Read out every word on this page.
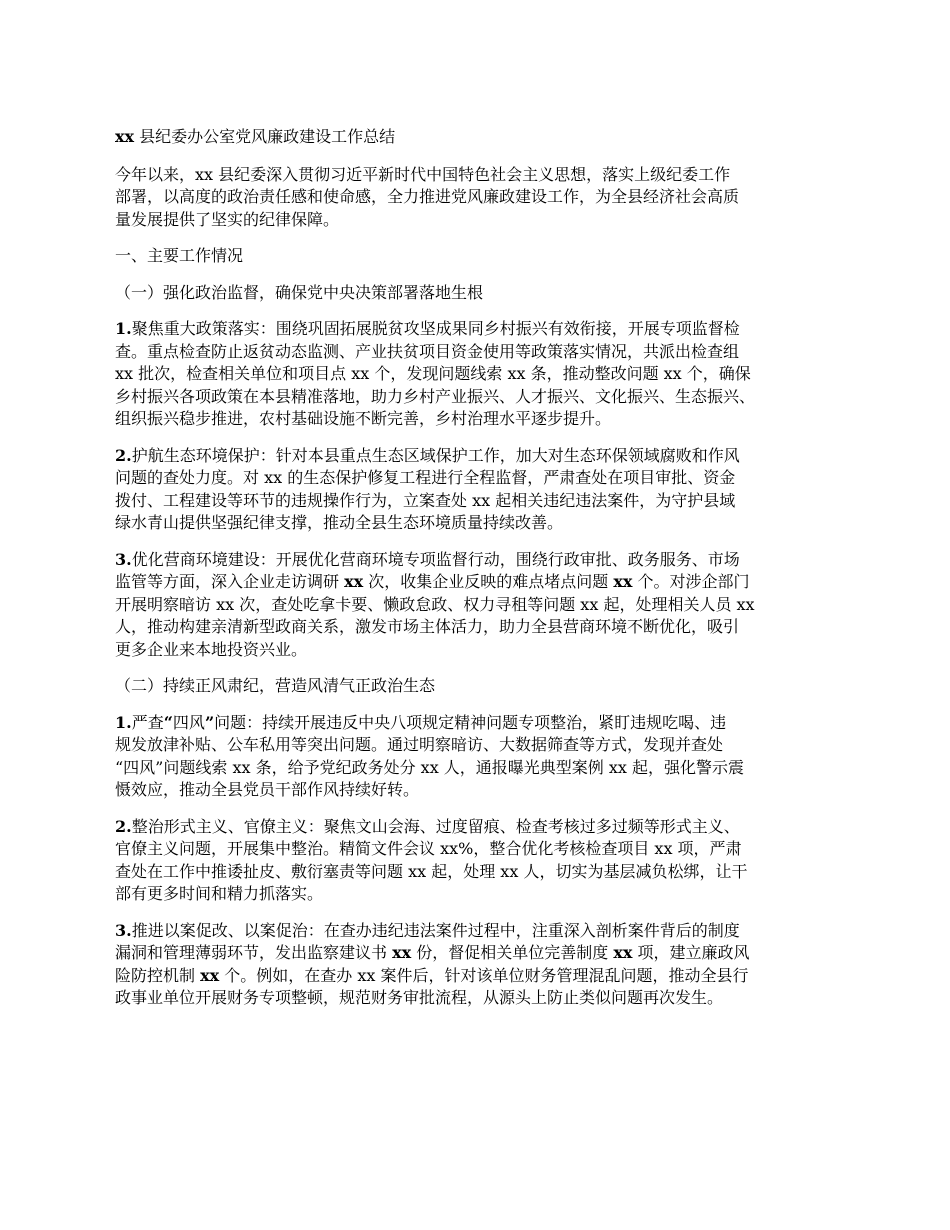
xx 县纪委办公室党风廉政建设工作总结
今年以来，xx 县纪委深入贯彻习近平新时代中国特色社会主义思想，落实上级纪委工作
部署，以高度的政治责任感和使命感，全力推进党风廉政建设工作，为全县经济社会高质
量发展提供了坚实的纪律保障。
一、主要工作情况
（一）强化政治监督，确保党中央决策部署落地生根
1.聚焦重大政策落实：围绕巩固拓展脱贫攻坚成果同乡村振兴有效衔接，开展专项监督检
查。重点检查防止返贫动态监测、产业扶贫项目资金使用等政策落实情况，共派出检查组
xx 批次，检查相关单位和项目点 xx 个，发现问题线索 xx 条，推动整改问题 xx 个，确保
乡村振兴各项政策在本县精准落地，助力乡村产业振兴、人才振兴、文化振兴、生态振兴、
组织振兴稳步推进，农村基础设施不断完善，乡村治理水平逐步提升。
2.护航生态环境保护：针对本县重点生态区域保护工作，加大对生态环保领域腐败和作风
问题的查处力度。对 xx 的生态保护修复工程进行全程监督，严肃查处在项目审批、资金
拨付、工程建设等环节的违规操作行为，立案查处 xx 起相关违纪违法案件，为守护县域
绿水青山提供坚强纪律支撑，推动全县生态环境质量持续改善。
3.优化营商环境建设：开展优化营商环境专项监督行动，围绕行政审批、政务服务、市场
监管等方面，深入企业走访调研 xx 次，收集企业反映的难点堵点问题 xx 个。对涉企部门
开展明察暗访 xx 次，查处吃拿卡要、懒政怠政、权力寻租等问题 xx 起，处理相关人员 xx
人，推动构建亲清新型政商关系，激发市场主体活力，助力全县营商环境不断优化，吸引
更多企业来本地投资兴业。
（二）持续正风肃纪，营造风清气正政治生态
1.严查“四风”问题：持续开展违反中央八项规定精神问题专项整治，紧盯违规吃喝、违
规发放津补贴、公车私用等突出问题。通过明察暗访、大数据筛查等方式，发现并查处
“四风”问题线索 xx 条，给予党纪政务处分 xx 人，通报曝光典型案例 xx 起，强化警示震
慑效应，推动全县党员干部作风持续好转。
2.整治形式主义、官僚主义：聚焦文山会海、过度留痕、检查考核过多过频等形式主义、
官僚主义问题，开展集中整治。精简文件会议 xx%，整合优化考核检查项目 xx 项，严肃
查处在工作中推诿扯皮、敷衍塞责等问题 xx 起，处理 xx 人，切实为基层减负松绑，让干
部有更多时间和精力抓落实。
3.推进以案促改、以案促治：在查办违纪违法案件过程中，注重深入剖析案件背后的制度
漏洞和管理薄弱环节，发出监察建议书 xx 份，督促相关单位完善制度 xx 项，建立廉政风
险防控机制 xx 个。例如，在查办 xx 案件后，针对该单位财务管理混乱问题，推动全县行
政事业单位开展财务专项整顿，规范财务审批流程，从源头上防止类似问题再次发生。
